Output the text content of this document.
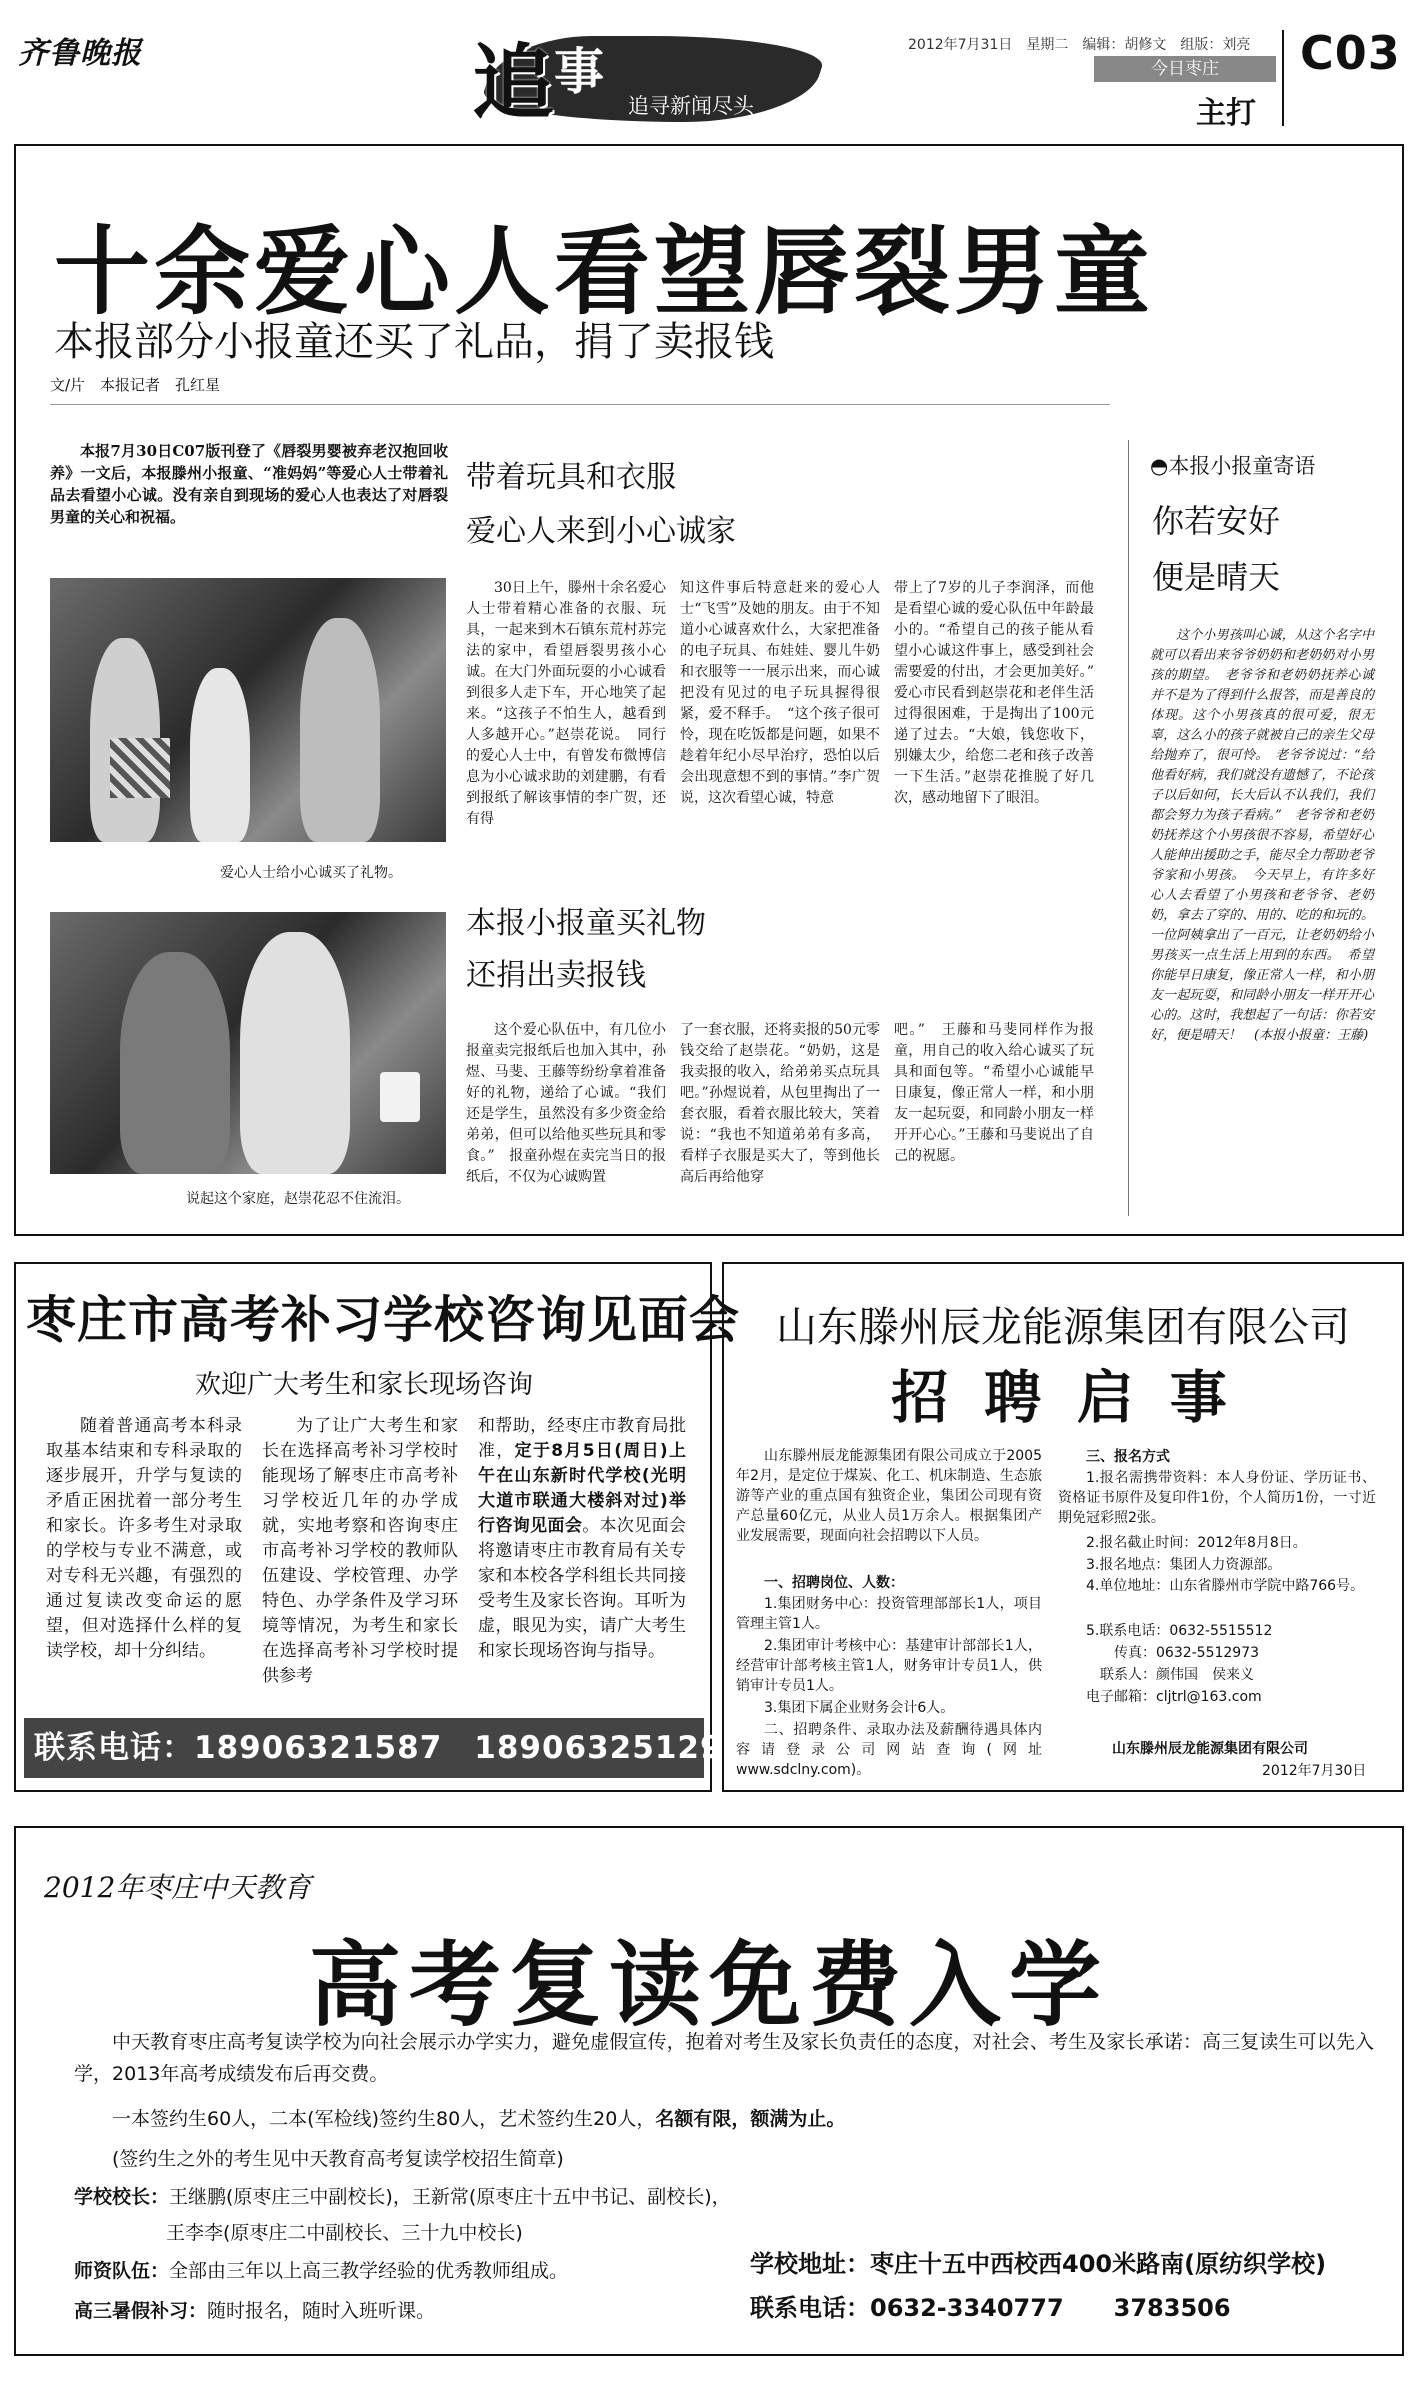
齐鲁晚报	追 事
zhuishi
追寻新闻尽头
2012年7月31日　星期二　编辑：胡修文　组版：刘亮
今日枣庄
主打
C03
十余爱心人看望唇裂男童
本报部分小报童还买了礼品，捐了卖报钱
文/片　本报记者　孔红星
本报7月30日C07版刊登了《唇裂男婴被弃老汉抱回收养》一文后，本报滕州小报童、“准妈妈”等爱心人士带着礼品去看望小心诚。没有亲自到现场的爱心人也表达了对唇裂男童的关心和祝福。
爱心人士给小心诚买了礼物。
说起这个家庭，赵崇花忍不住流泪。
带着玩具和衣服
爱心人来到小心诚家
30日上午，滕州十余名爱心人士带着精心准备的衣服、玩具，一起来到木石镇东荒村苏完法的家中，看望唇裂男孩小心诚。在大门外面玩耍的小心诚看到很多人走下车，开心地笑了起来。“这孩子不怕生人，越看到人多越开心。”赵崇花说。　同行的爱心人士中，有曾发布微博信息为小心诚求助的刘建鹏，有看到报纸了解该事情的李广贺，还有得
知这件事后特意赶来的爱心人士“飞雪”及她的朋友。由于不知道小心诚喜欢什么，大家把准备的电子玩具、布娃娃、婴儿牛奶和衣服等一一展示出来，而心诚把没有见过的电子玩具握得很紧，爱不释手。　“这个孩子很可怜，现在吃饭都是问题，如果不趁着年纪小尽早治疗，恐怕以后会出现意想不到的事情。”李广贺说，这次看望心诚，特意
带上了7岁的儿子李润泽，而他是看望心诚的爱心队伍中年龄最小的。“希望自己的孩子能从看望小心诚这件事上，感受到社会需要爱的付出，才会更加美好。”　爱心市民看到赵崇花和老伴生活过得很困难，于是掏出了100元递了过去。“大娘，钱您收下，别嫌太少，给您二老和孩子改善一下生活。”赵崇花推脱了好几次，感动地留下了眼泪。
本报小报童买礼物
还捐出卖报钱
这个爱心队伍中，有几位小报童卖完报纸后也加入其中，孙煜、马斐、王藤等纷纷拿着准备好的礼物，递给了心诚。“我们还是学生，虽然没有多少资金给弟弟，但可以给他买些玩具和零食。”　报童孙煜在卖完当日的报纸后，不仅为心诚购置
了一套衣服，还将卖报的50元零钱交给了赵崇花。“奶奶，这是我卖报的收入，给弟弟买点玩具吧。”孙煜说着，从包里掏出了一套衣服，看着衣服比较大，笑着说：“我也不知道弟弟有多高，看样子衣服是买大了，等到他长高后再给他穿
吧。”　王藤和马斐同样作为报童，用自己的收入给心诚买了玩具和面包等。“希望小心诚能早日康复，像正常人一样，和小朋友一起玩耍，和同龄小朋友一样开开心心。”王藤和马斐说出了自己的祝愿。
◓本报小报童寄语
你若安好
便是晴天
这个小男孩叫心诚，从这个名字中就可以看出来爷爷奶奶和老奶奶对小男孩的期望。　老爷爷和老奶奶抚养心诚并不是为了得到什么报答，而是善良的体现。这个小男孩真的很可爱，很无辜，这么小的孩子就被自己的亲生父母给抛弃了，很可怜。　老爷爷说过：“给他看好病，我们就没有遗憾了，不论孩子以后如何，长大后认不认我们，我们都会努力为孩子看病。”　老爷爷和老奶奶抚养这个小男孩很不容易，希望好心人能伸出援助之手，能尽全力帮助老爷爷家和小男孩。　今天早上，有许多好心人去看望了小男孩和老爷爷、老奶奶，拿去了穿的、用的、吃的和玩的。一位阿姨拿出了一百元，让老奶奶给小男孩买一点生活上用到的东西。　希望你能早日康复，像正常人一样，和小朋友一起玩耍，和同龄小朋友一样开开心心的。这时，我想起了一句话：你若安好，便是晴天！　(本报小报童：王藤)
枣庄市高考补习学校咨询见面会
欢迎广大考生和家长现场咨询
随着普通高考本科录取基本结束和专科录取的逐步展开，升学与复读的矛盾正困扰着一部分考生和家长。许多考生对录取的学校与专业不满意，或对专科无兴趣，有强烈的通过复读改变命运的愿望，但对选择什么样的复读学校，却十分纠结。
为了让广大考生和家长在选择高考补习学校时能现场了解枣庄市高考补习学校近几年的办学成就，实地考察和咨询枣庄市高考补习学校的教师队伍建设、学校管理、办学特色、办学条件及学习环境等情况，为考生和家长在选择高考补习学校时提供参考
和帮助，经枣庄市教育局批准，定于8月5日(周日)上午在山东新时代学校(光明大道市联通大楼斜对过)举行咨询见面会。本次见面会将邀请枣庄市教育局有关专家和本校各学科组长共同接受考生及家长咨询。耳听为虚，眼见为实，请广大考生和家长现场咨询与指导。
联系电话：18906321587　18906325129
山东滕州辰龙能源集团有限公司
招 聘 启 事
山东滕州辰龙能源集团有限公司成立于2005年2月，是定位于煤炭、化工、机床制造、生态旅游等产业的重点国有独资企业，集团公司现有资产总量60亿元，从业人员1万余人。根据集团产业发展需要，现面向社会招聘以下人员。
一、招聘岗位、人数：
1.集团财务中心：投资管理部部长1人，项目管理主管1人。
2.集团审计考核中心：基建审计部部长1人，经营审计部考核主管1人，财务审计专员1人，供销审计专员1人。
3.集团下属企业财务会计6人。
二、招聘条件、录取办法及薪酬待遇具体内容请登录公司网站查询(网址www.sdclny.com)。
三、报名方式
1.报名需携带资料：本人身份证、学历证书、资格证书原件及复印件1份，个人简历1份，一寸近期免冠彩照2张。
2.报名截止时间：2012年8月8日。
3.报名地点：集团人力资源部。
4.单位地址：山东省滕州市学院中路766号。
5.联系电话：0632-5515512
传真：0632-5512973
联系人：颜伟国　侯来义
电子邮箱：cljtrl@163.com
山东滕州辰龙能源集团有限公司
2012年7月30日
2012年枣庄中天教育
高考复读免费入学
中天教育枣庄高考复读学校为向社会展示办学实力，避免虚假宣传，抱着对考生及家长负责任的态度，对社会、考生及家长承诺：高三复读生可以先入学，2013年高考成绩发布后再交费。
一本签约生60人，二本(军检线)签约生80人，艺术签约生20人，名额有限，额满为止。
(签约生之外的考生见中天教育高考复读学校招生简章)
学校校长：王继鹏(原枣庄三中副校长)，王新常(原枣庄十五中书记、副校长)，
王李李(原枣庄二中副校长、三十九中校长)
师资队伍：全部由三年以上高三教学经验的优秀教师组成。
高三暑假补习：随时报名，随时入班听课。
学校地址：枣庄十五中西校西400米路南(原纺织学校)
联系电话：0632-3340777 3783506
